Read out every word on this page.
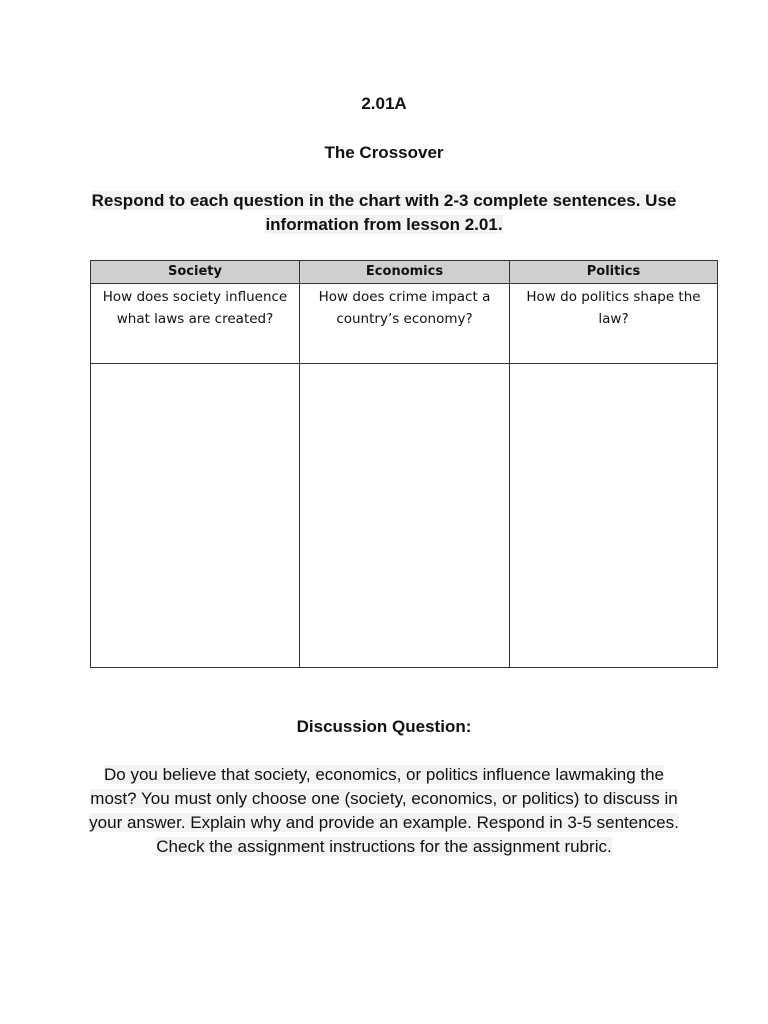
2.01A
The Crossover
Respond to each question in the chart with 2-3 complete sentences. Use information from lesson 2.01.
Society	Economics	Politics
How does society influence what laws are created?	How does crime impact a country’s economy?	How do politics shape the law?

Discussion Question:
Do you believe that society, economics, or politics influence lawmaking the most? You must only choose one (society, economics, or politics) to discuss in your answer. Explain why and provide an example. Respond in 3-5 sentences. Check the assignment instructions for the assignment rubric.
